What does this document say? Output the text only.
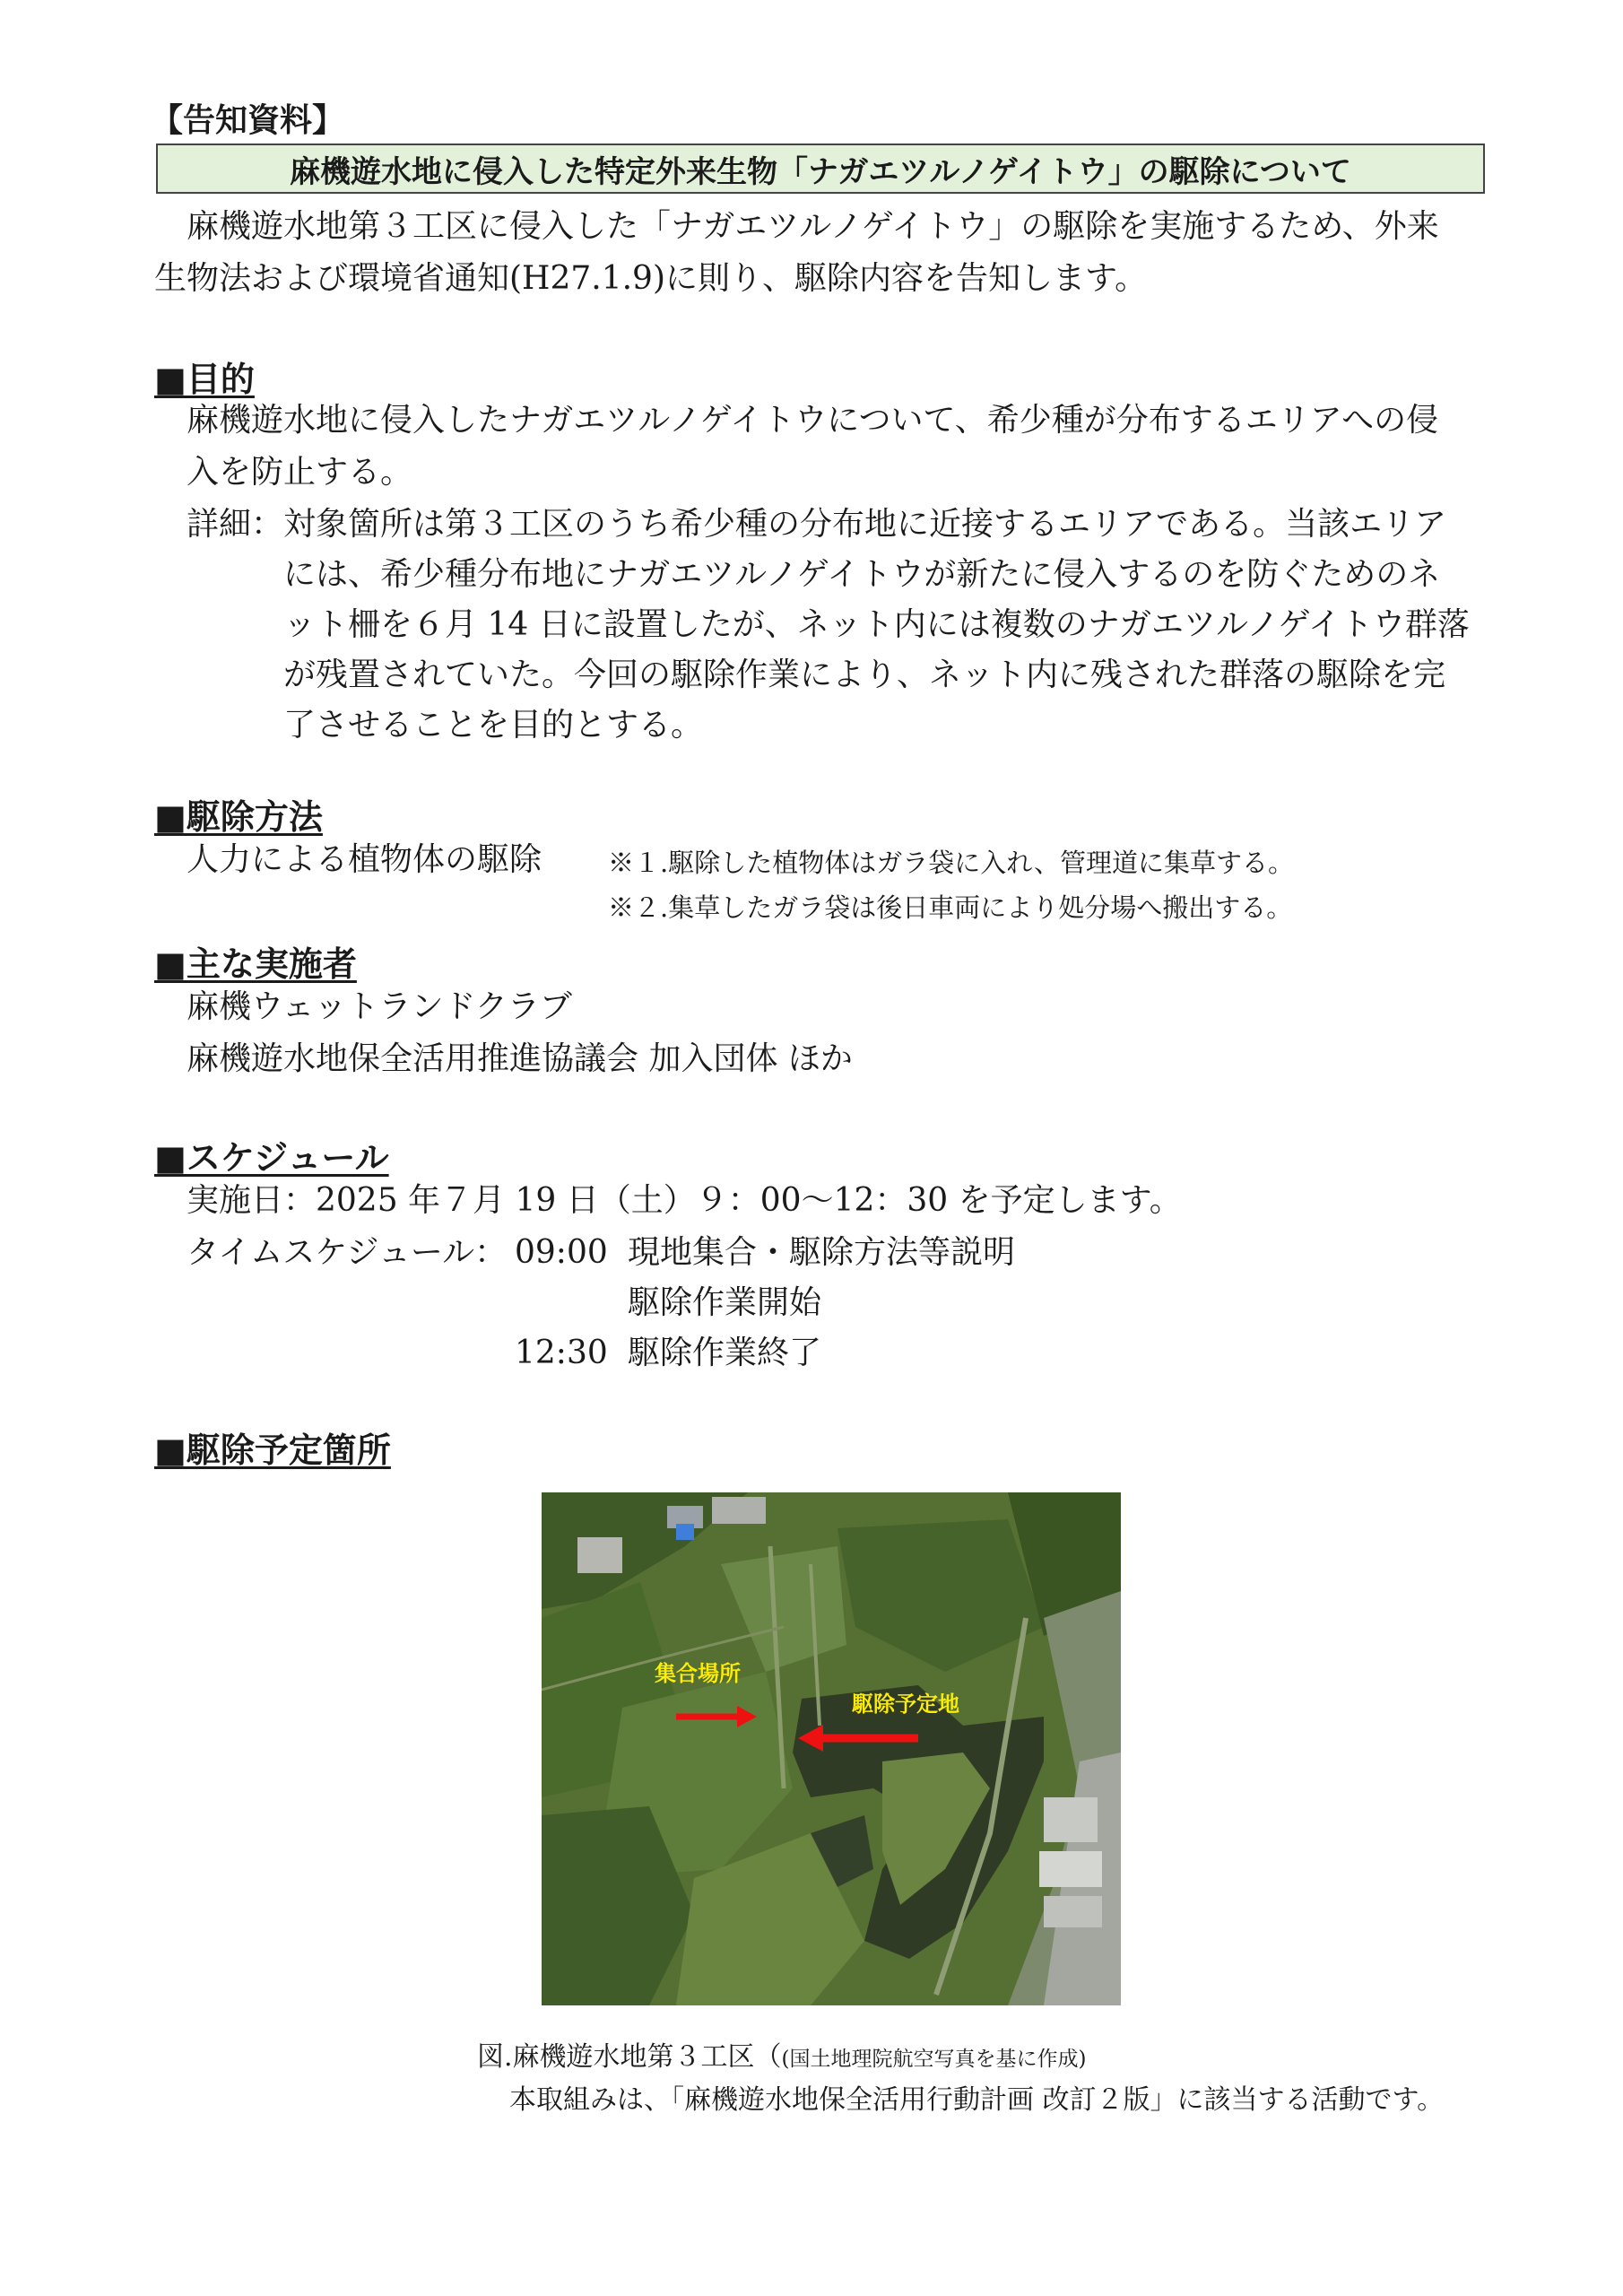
【告知資料】
麻機遊水地に侵入した特定外来生物「ナガエツルノゲイトウ」の駆除について
麻機遊水地第３工区に侵入した「ナガエツルノゲイトウ」の駆除を実施するため、外来
生物法および環境省通知(H27.1.9)に則り、駆除内容を告知します。
■目的
麻機遊水地に侵入したナガエツルノゲイトウについて、希少種が分布するエリアへの侵
入を防止する。
詳細： 対象箇所は第３工区のうち希少種の分布地に近接するエリアである。当該エリア
には、希少種分布地にナガエツルノゲイトウが新たに侵入するのを防ぐためのネ
ット柵を６月 14 日に設置したが、ネット内には複数のナガエツルノゲイトウ群落
が残置されていた。今回の駆除作業により、ネット内に残された群落の駆除を完
了させることを目的とする。
■駆除方法
人力による植物体の駆除	※１.駆除した植物体はガラ袋に入れ、管理道に集草する。
※２.集草したガラ袋は後日車両により処分場へ搬出する。
■主な実施者
麻機ウェットランドクラブ
麻機遊水地保全活用推進協議会 加入団体 ほか
■スケジュール
実施日：2025 年７月 19 日（土）９：00～12：30 を予定します。
タイムスケジュール： 09:00 現地集合・駆除方法等説明
駆除作業開始
12:30 駆除作業終了
■駆除予定箇所
集合場所
駆除予定地
図.麻機遊水地第３工区（(国土地理院航空写真を基に作成)
本取組みは、「麻機遊水地保全活用行動計画 改訂２版」に該当する活動です。
